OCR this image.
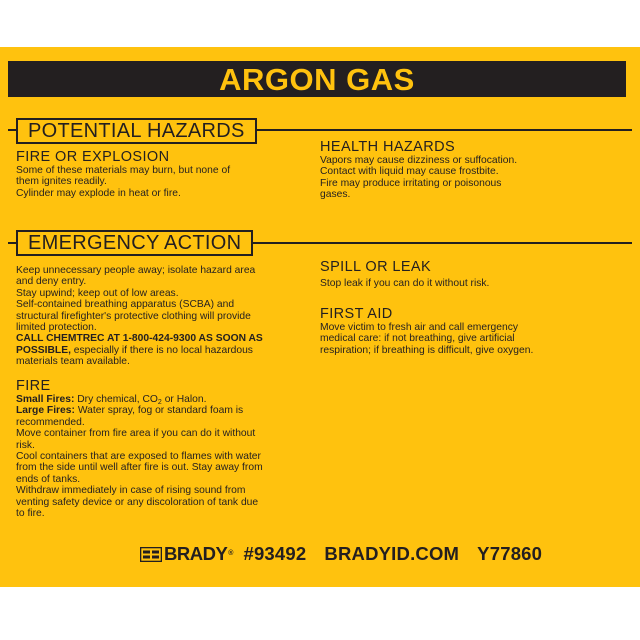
ARGON GAS
POTENTIAL HAZARDS
FIRE OR EXPLOSION
Some of these materials may burn, but none of
them ignites readily.
Cylinder may explode in heat or fire.
HEALTH HAZARDS
Vapors may cause dizziness or suffocation.
Contact with liquid may cause frostbite.
Fire may produce irritating or poisonous
gases.
EMERGENCY ACTION
Keep unnecessary people away; isolate hazard area
and deny entry.
Stay upwind; keep out of low areas.
Self-contained breathing apparatus (SCBA) and
structural firefighter's protective clothing will provide
limited protection.
CALL CHEMTREC AT 1-800-424-9300 AS SOON AS
POSSIBLE, especially if there is no local hazardous
materials team available.
FIRE
Small Fires: Dry chemical, $CO_2$ or Halon.
Large Fires: Water spray, fog or standard foam is
recommended.
Move container from fire area if you can do it without
risk.
Cool containers that are exposed to flames with water
from the side until well after fire is out. Stay away from
ends of tanks.
Withdraw immediately in case of rising sound from
venting safety device or any discoloration of tank due
to fire.
SPILL OR LEAK
Stop leak if you can do it without risk.
FIRST AID
Move victim to fresh air and call emergency
medical care: if not breathing, give artificial
respiration; if breathing is difficult, give oxygen.
BRADY ® #93492 BRADYID.COM Y77860
